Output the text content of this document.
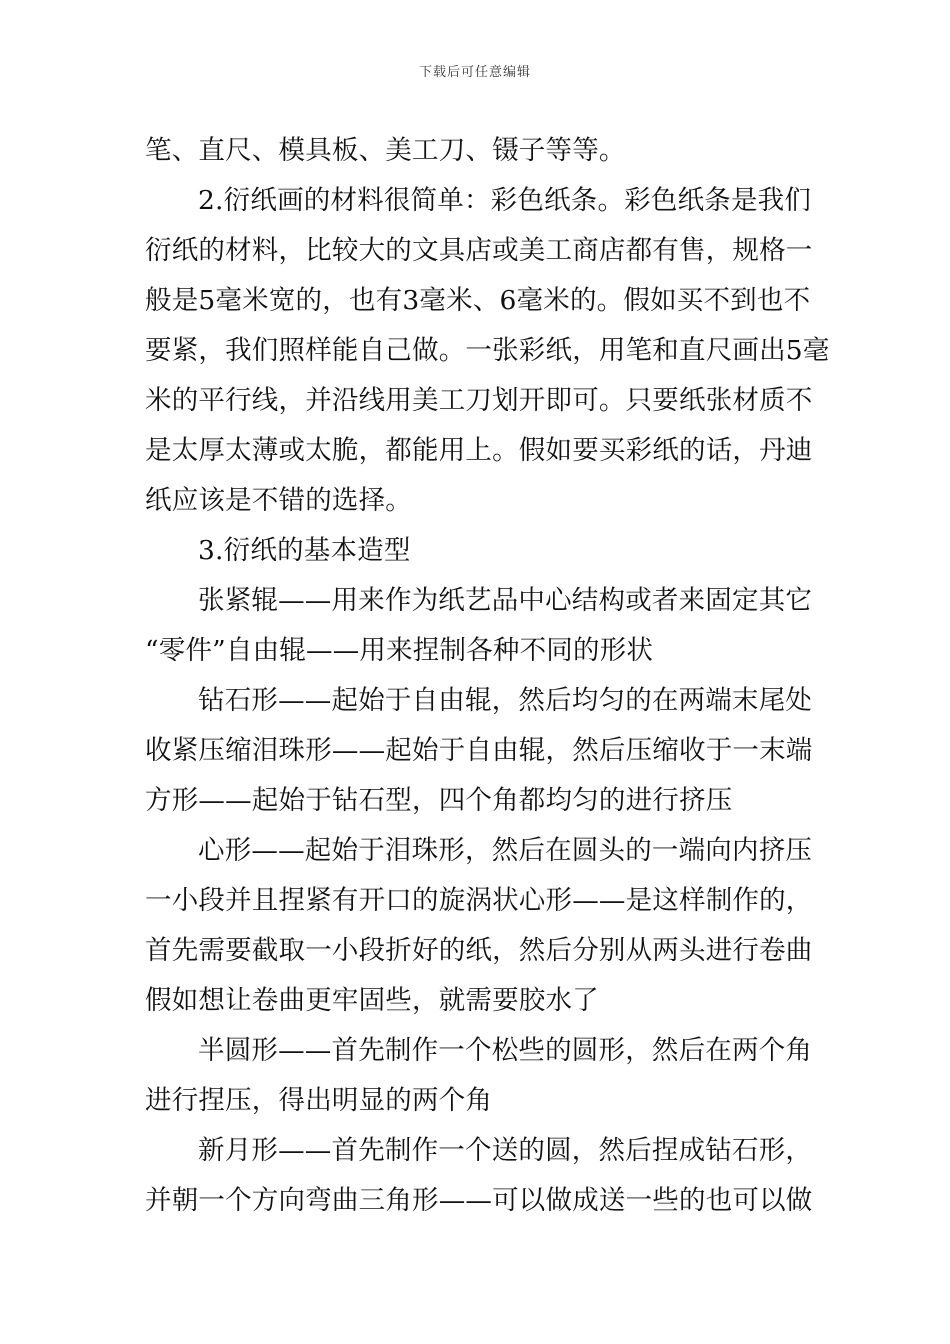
下载后可任意编辑
笔、直尺、模具板、美工刀、镊子等等。
2.衍纸画的材料很简单：彩色纸条。彩色纸条是我们
衍纸的材料，比较大的文具店或美工商店都有售，规格一
般是5毫米宽的，也有3毫米、6毫米的。假如买不到也不
要紧，我们照样能自己做。一张彩纸，用笔和直尺画出5毫
米的平行线，并沿线用美工刀划开即可。只要纸张材质不
是太厚太薄或太脆，都能用上。假如要买彩纸的话，丹迪
纸应该是不错的选择。
3.衍纸的基本造型
张紧辊——用来作为纸艺品中心结构或者来固定其它
“零件”自由辊——用来捏制各种不同的形状
钻石形——起始于自由辊，然后均匀的在两端末尾处
收紧压缩泪珠形——起始于自由辊，然后压缩收于一末端
方形——起始于钻石型，四个角都均匀的进行挤压
心形——起始于泪珠形，然后在圆头的一端向内挤压
一小段并且捏紧有开口的旋涡状心形——是这样制作的，
首先需要截取一小段折好的纸，然后分别从两头进行卷曲
假如想让卷曲更牢固些，就需要胶水了
半圆形——首先制作一个松些的圆形，然后在两个角
进行捏压，得出明显的两个角
新月形——首先制作一个送的圆，然后捏成钻石形，
并朝一个方向弯曲三角形——可以做成送一些的也可以做
